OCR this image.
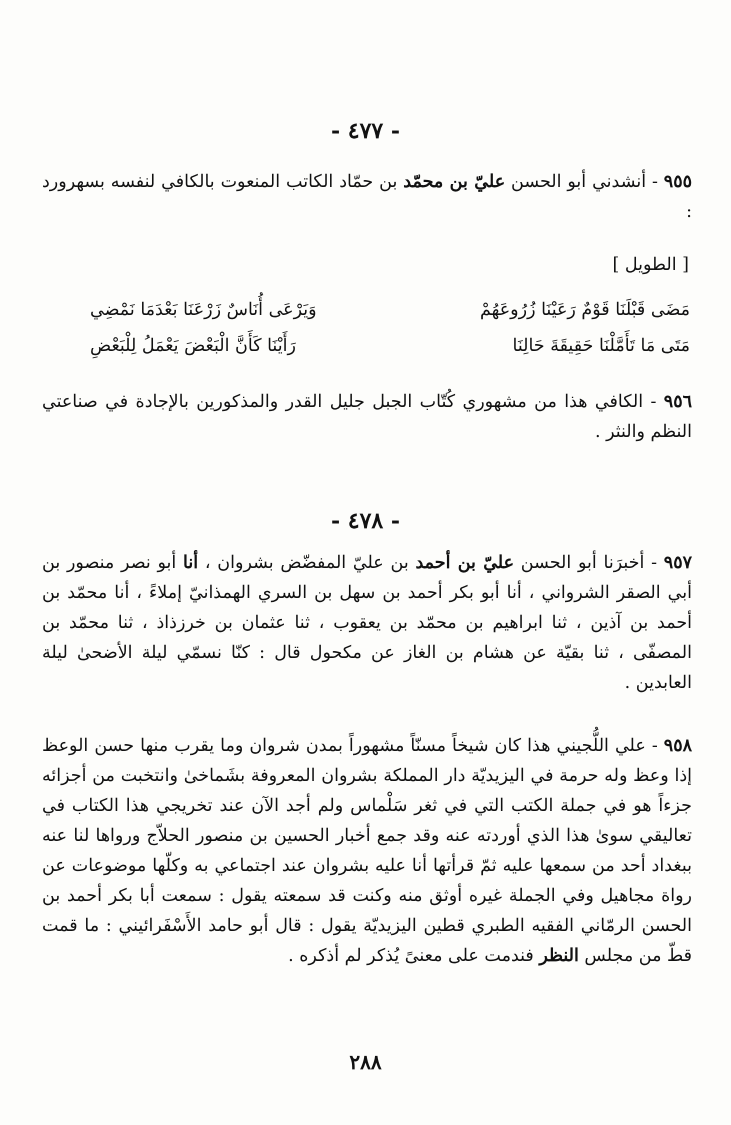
- ٤٧٧ -
٩٥٥ - أنشدني أبو الحسن عليّ بن محمّد بن حمّاد الكاتب المنعوت بالكافي لنفسه بسهرورد :
[ الطويل ]
مَضَى قَبْلَنَا قَوْمٌ رَعَيْنَا زُرُوعَهُمْ
وَيَرْعَى أُنَاسٌ زَرْعَنَا بَعْدَمَا نَمْضِي
مَتَى مَا تَأَمَّلْنَا حَقِيقَةَ حَالِنَا
رَأَيْنَا كَأَنَّ الْبَعْضَ يَعْمَلُ لِلْبَعْضِ
٩٥٦ - الكافي هذا من مشهوري كُتّاب الجبل جليل القدر والمذكورين بالإجادة في صناعتي النظم والنثر .
- ٤٧٨ -
٩٥٧ - أخبرَنا أبو الحسن عليّ بن أحمد بن عليّ المفضّض بشروان ، أنا أبو نصر منصور بن أبي الصقر الشرواني ، أنا أبو بكر أحمد بن سهل بن السري الهمذانيّ إملاءً ، أنا محمّد بن أحمد بن آذين ، ثنا ابراهيم بن محمّد بن يعقوب ، ثنا عثمان بن خرزذاذ ، ثنا محمّد بن المصفّى ، ثنا بقيّة عن هشام بن الغاز عن مكحول قال : كنّا نسمّي ليلة الأضحىٰ ليلة العابدين .
٩٥٨ - علي اللُّجيني هذا كان شيخاً مسنّاً مشهوراً بمدن شروان وما يقرب منها حسن الوعظ إذا وعظ وله حرمة في اليزيديّة دار المملكة بشروان المعروفة بشَماخىٰ وانتخبت من أجزائه جزءاً هو في جملة الكتب التي في ثغر سَلْماس ولم أجد الآن عند تخريجي هذا الكتاب في تعاليقي سوىٰ هذا الذي أوردته عنه وقد جمع أخبار الحسين بن منصور الحلاّج ورواها لنا عنه ببغداد أحد من سمعها عليه ثمّ قرأتها أنا عليه بشروان عند اجتماعي به وكلّها موضوعات عن رواة مجاهيل وفي الجملة غيره أوثق منه وكنت قد سمعته يقول : سمعت أبا بكر أحمد بن الحسن الرمّاني الفقيه الطبري قطين اليزيديّة يقول : قال أبو حامد الأَسْفَرائيني : ما قمت قطّ من مجلس النظر فندمت على معنىً يُذكر لم أذكره .
٢٨٨
